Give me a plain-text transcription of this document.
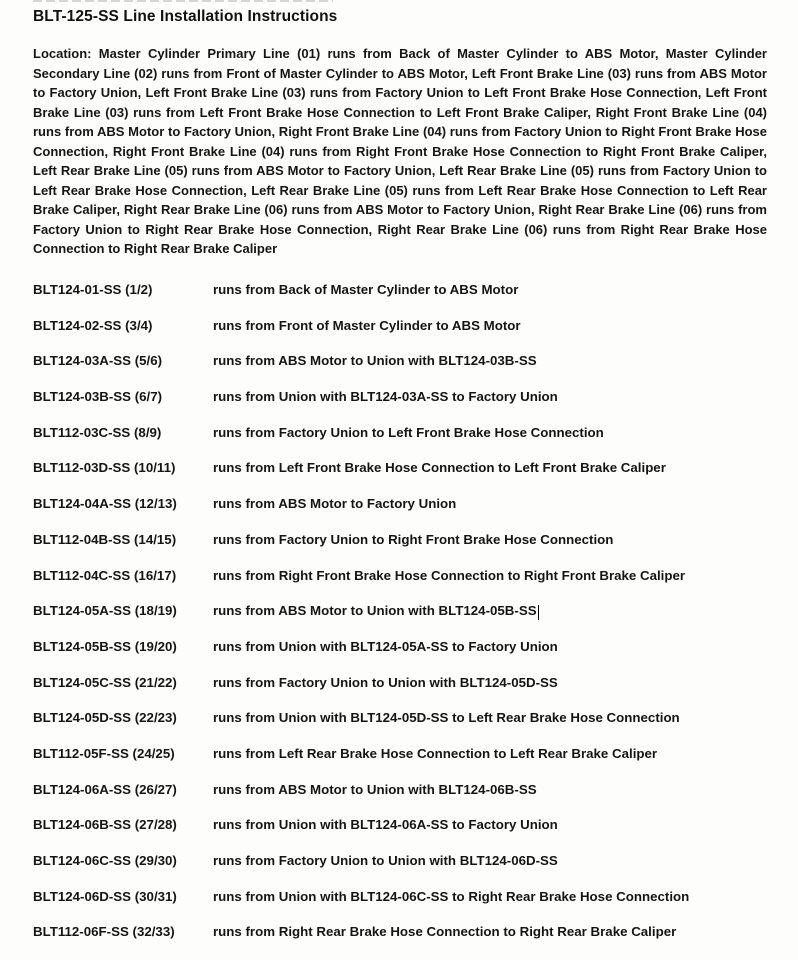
BLT-125-SS Line Installation Instructions

Location: Master Cylinder Primary Line (01) runs from Back of Master Cylinder to ABS Motor, Master Cylinder Secondary Line (02) runs from Front of Master Cylinder to ABS Motor, Left Front Brake Line (03) runs from ABS Motor to Factory Union, Left Front Brake Line (03) runs from Factory Union to Left Front Brake Hose Connection, Left Front Brake Line (03) runs from Left Front Brake Hose Connection to Left Front Brake Caliper, Right Front Brake Line (04) runs from ABS Motor to Factory Union, Right Front Brake Line (04) runs from Factory Union to Right Front Brake Hose Connection, Right Front Brake Line (04) runs from Right Front Brake Hose Connection to Right Front Brake Caliper, Left Rear Brake Line (05) runs from ABS Motor to Factory Union, Left Rear Brake Line (05) runs from Factory Union to Left Rear Brake Hose Connection, Left Rear Brake Line (05) runs from Left Rear Brake Hose Connection to Left Rear Brake Caliper, Right Rear Brake Line (06) runs from ABS Motor to Factory Union, Right Rear Brake Line (06) runs from Factory Union to Right Rear Brake Hose Connection, Right Rear Brake Line (06) runs from Right Rear Brake Hose Connection to Right Rear Brake Caliper

BLT124-01-SS (1/2)	runs from Back of Master Cylinder to ABS Motor
BLT124-02-SS (3/4)	runs from Front of Master Cylinder to ABS Motor
BLT124-03A-SS (5/6)	runs from ABS Motor to Union with BLT124-03B-SS
BLT124-03B-SS (6/7)	runs from Union with BLT124-03A-SS to Factory Union
BLT112-03C-SS (8/9)	runs from Factory Union to Left Front Brake Hose Connection
BLT112-03D-SS (10/11)	runs from Left Front Brake Hose Connection to Left Front Brake Caliper
BLT124-04A-SS (12/13)	runs from ABS Motor to Factory Union
BLT112-04B-SS (14/15)	runs from Factory Union to Right Front Brake Hose Connection
BLT112-04C-SS (16/17)	runs from Right Front Brake Hose Connection to Right Front Brake Caliper
BLT124-05A-SS (18/19)	runs from ABS Motor to Union with BLT124-05B-SS
BLT124-05B-SS (19/20)	runs from Union with BLT124-05A-SS to Factory Union
BLT124-05C-SS (21/22)	runs from Factory Union to Union with BLT124-05D-SS
BLT124-05D-SS (22/23)	runs from Union with BLT124-05D-SS to Left Rear Brake Hose Connection
BLT112-05F-SS (24/25)	runs from Left Rear Brake Hose Connection to Left Rear Brake Caliper
BLT124-06A-SS (26/27)	runs from ABS Motor to Union with BLT124-06B-SS
BLT124-06B-SS (27/28)	runs from Union with BLT124-06A-SS to Factory Union
BLT124-06C-SS (29/30)	runs from Factory Union to Union with BLT124-06D-SS
BLT124-06D-SS (30/31)	runs from Union with BLT124-06C-SS to Right Rear Brake Hose Connection
BLT112-06F-SS (32/33)	runs from Right Rear Brake Hose Connection to Right Rear Brake Caliper
